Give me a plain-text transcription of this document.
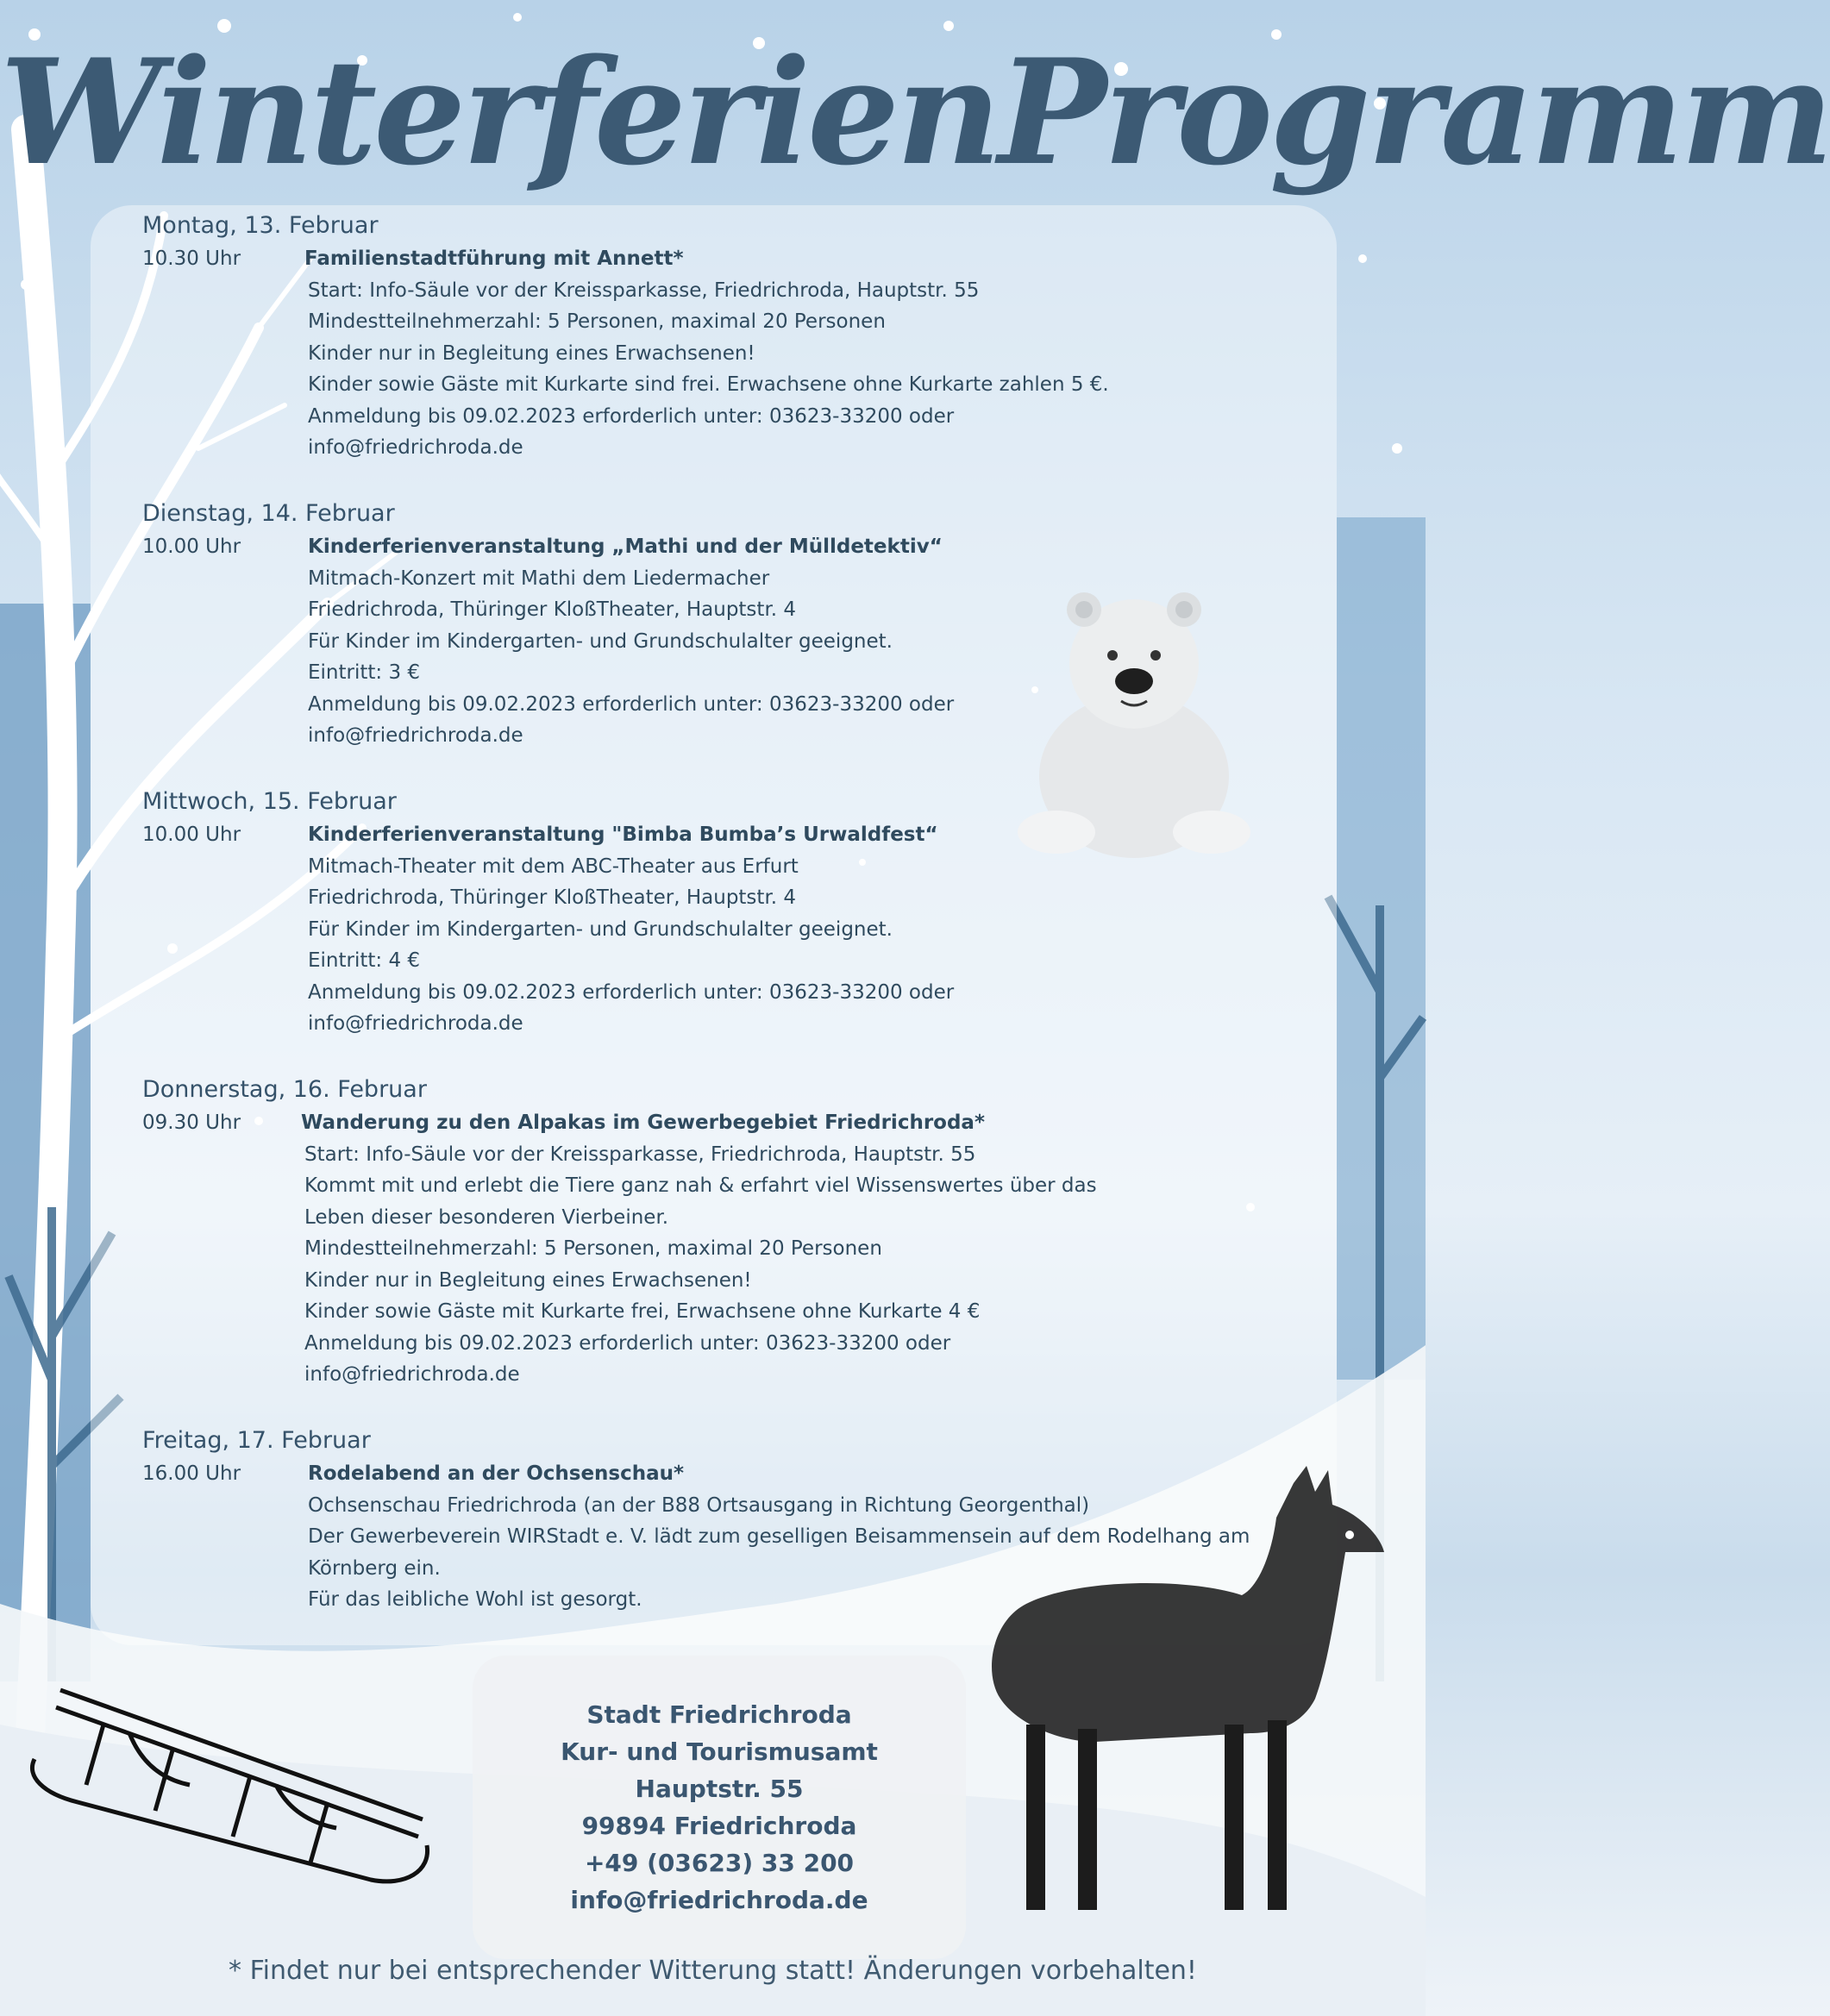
WinterferienProgramm

Montag, 13. Februar

10.30 Uhr	Familienstadtführung mit Annett*
Start: Info-Säule vor der Kreissparkasse, Friedrichroda, Hauptstr. 55
Mindestteilnehmerzahl: 5 Personen, maximal 20 Personen
Kinder nur in Begleitung eines Erwachsenen!
Kinder sowie Gäste mit Kurkarte sind frei. Erwachsene ohne Kurkarte zahlen 5 €.
Anmeldung bis 09.02.2023 erforderlich unter: 03623-33200 oder
info@friedrichroda.de

Dienstag, 14. Februar

10.00 Uhr	Kinderferienveranstaltung „Mathi und der Mülldetektiv“
Mitmach-Konzert mit Mathi dem Liedermacher
Friedrichroda, Thüringer KloßTheater, Hauptstr. 4
Für Kinder im Kindergarten- und Grundschulalter geeignet.
Eintritt: 3 €
Anmeldung bis 09.02.2023 erforderlich unter: 03623-33200 oder
info@friedrichroda.de

Mittwoch, 15. Februar

10.00 Uhr	Kinderferienveranstaltung "Bimba Bumba’s Urwaldfest“
Mitmach-Theater mit dem ABC-Theater aus Erfurt
Friedrichroda, Thüringer KloßTheater, Hauptstr. 4
Für Kinder im Kindergarten- und Grundschulalter geeignet.
Eintritt: 4 €
Anmeldung bis 09.02.2023 erforderlich unter: 03623-33200 oder
info@friedrichroda.de

Donnerstag, 16. Februar

09.30 Uhr	Wanderung zu den Alpakas im Gewerbegebiet Friedrichroda*
Start: Info-Säule vor der Kreissparkasse, Friedrichroda, Hauptstr. 55
Kommt mit und erlebt die Tiere ganz nah & erfahrt viel Wissenswertes über das
Leben dieser besonderen Vierbeiner.
Mindestteilnehmerzahl: 5 Personen, maximal 20 Personen
Kinder nur in Begleitung eines Erwachsenen!
Kinder sowie Gäste mit Kurkarte frei, Erwachsene ohne Kurkarte 4 €
Anmeldung bis 09.02.2023 erforderlich unter: 03623-33200 oder
info@friedrichroda.de

Freitag, 17. Februar

16.00 Uhr	Rodelabend an der Ochsenschau*
Ochsenschau Friedrichroda (an der B88 Ortsausgang in Richtung Georgenthal)
Der Gewerbeverein WIRStadt e. V. lädt zum geselligen Beisammensein auf dem Rodelhang am
Körnberg ein.
Für das leibliche Wohl ist gesorgt.
Stadt Friedrichroda
Kur- und Tourismusamt
Hauptstr. 55
99894 Friedrichroda
+49 (03623) 33 200
info@friedrichroda.de
* Findet nur bei entsprechender Witterung statt! Änderungen vorbehalten!
